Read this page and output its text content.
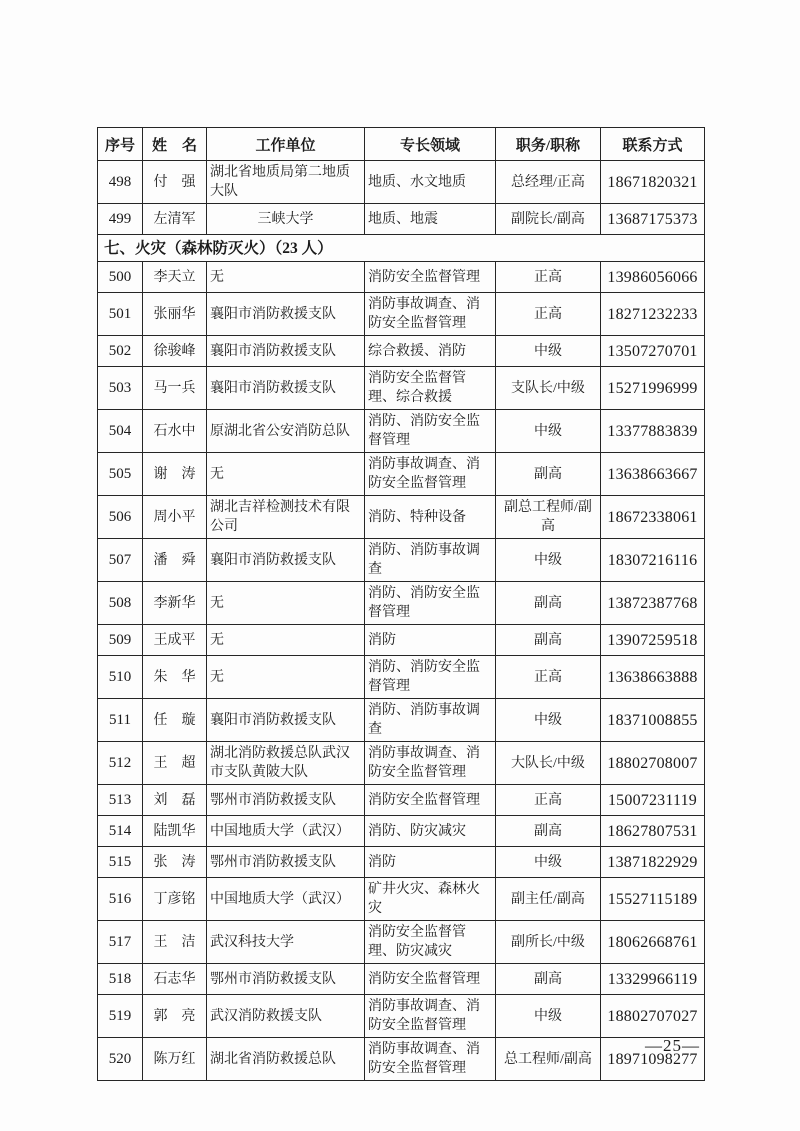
序号	姓　名	工作单位	专长领域	职务/职称	联系方式
498	付　强	湖北省地质局第二地质大队	地质、水文地质	总经理/正高	18671820321
499	左清军	三峡大学	地质、地震	副院长/副高	13687175373
七、火灾（森林防灭火）（23 人）					
500	李天立	无	消防安全监督管理	正高	13986056066
501	张丽华	襄阳市消防救援支队	消防事故调查、消防安全监督管理	正高	18271232233
502	徐骏峰	襄阳市消防救援支队	综合救援、消防	中级	13507270701
503	马一兵	襄阳市消防救援支队	消防安全监督管理、综合救援	支队长/中级	15271996999
504	石水中	原湖北省公安消防总队	消防、消防安全监督管理	中级	13377883839
505	谢　涛	无	消防事故调查、消防安全监督管理	副高	13638663667
506	周小平	湖北吉祥检测技术有限公司	消防、特种设备	副总工程师/副高	18672338061
507	潘　舜	襄阳市消防救援支队	消防、消防事故调查	中级	18307216116
508	李新华	无	消防、消防安全监督管理	副高	13872387768
509	王成平	无	消防	副高	13907259518
510	朱　华	无	消防、消防安全监督管理	正高	13638663888
511	任　璇	襄阳市消防救援支队	消防、消防事故调查	中级	18371008855
512	王　超	湖北消防救援总队武汉市支队黄陂大队	消防事故调查、消防安全监督管理	大队长/中级	18802708007
513	刘　磊	鄂州市消防救援支队	消防安全监督管理	正高	15007231119
514	陆凯华	中国地质大学（武汉）	消防、防灾减灾	副高	18627807531
515	张　涛	鄂州市消防救援支队	消防	中级	13871822929
516	丁彦铭	中国地质大学（武汉）	矿井火灾、森林火灾	副主任/副高	15527115189
517	王　洁	武汉科技大学	消防安全监督管理、防灾减灾	副所长/中级	18062668761
518	石志华	鄂州市消防救援支队	消防安全监督管理	副高	13329966119
519	郭　亮	武汉消防救援支队	消防事故调查、消防安全监督管理	中级	18802707027
520	陈万红	湖北省消防救援总队	消防事故调查、消防安全监督管理	总工程师/副高	18971098277
—25—
